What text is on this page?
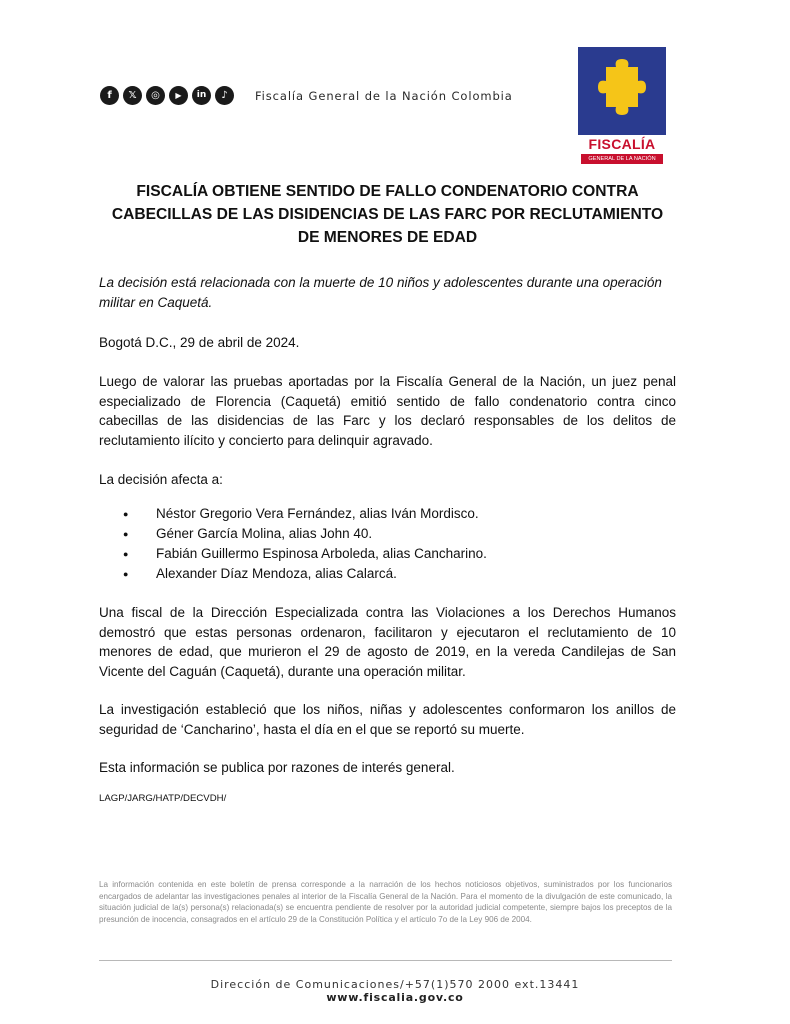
f	𝕏	◎	▶	in	♪	Fiscalía General de la Nación Colombia
FISCALÍA
GENERAL DE LA NACIÓN
FISCALÍA OBTIENE SENTIDO DE FALLO CONDENATORIO CONTRA CABECILLAS DE LAS DISIDENCIAS DE LAS FARC POR RECLUTAMIENTO DE MENORES DE EDAD

La decisión está relacionada con la muerte de 10 niños y adolescentes durante una operación militar en Caquetá.

Bogotá D.C., 29 de abril de 2024.

Luego de valorar las pruebas aportadas por la Fiscalía General de la Nación, un juez penal especializado de Florencia (Caquetá) emitió sentido de fallo condenatorio contra cinco cabecillas de las disidencias de las Farc y los declaró responsables de los delitos de reclutamiento ilícito y concierto para delinquir agravado.

La decisión afecta a:

● Néstor Gregorio Vera Fernández, alias Iván Mordisco.
● Géner García Molina, alias John 40.
● Fabián Guillermo Espinosa Arboleda, alias Cancharino.
● Alexander Díaz Mendoza, alias Calarcá.

Una fiscal de la Dirección Especializada contra las Violaciones a los Derechos Humanos demostró que estas personas ordenaron, facilitaron y ejecutaron el reclutamiento de 10 menores de edad, que murieron el 29 de agosto de 2019, en la vereda Candilejas de San Vicente del Caguán (Caquetá), durante una operación militar.

La investigación estableció que los niños, niñas y adolescentes conformaron los anillos de seguridad de ‘Cancharino’, hasta el día en el que se reportó su muerte.

Esta información se publica por razones de interés general.

LAGP/JARG/HATP/DECVDH/

La información contenida en este boletín de prensa corresponde a la narración de los hechos noticiosos objetivos, suministrados por los funcionarios encargados de adelantar las investigaciones penales al interior de la Fiscalía General de la Nación. Para el momento de la divulgación de este comunicado, la situación judicial de la(s) persona(s) relacionada(s) se encuentra pendiente de resolver por la autoridad judicial competente, siempre bajos los preceptos de la presunción de inocencia, consagrados en el artículo 29 de la Constitución Política y el artículo 7o de la Ley 906 de 2004.
Dirección de Comunicaciones/+57(1)570 2000 ext.13441
www.fiscalia.gov.co
